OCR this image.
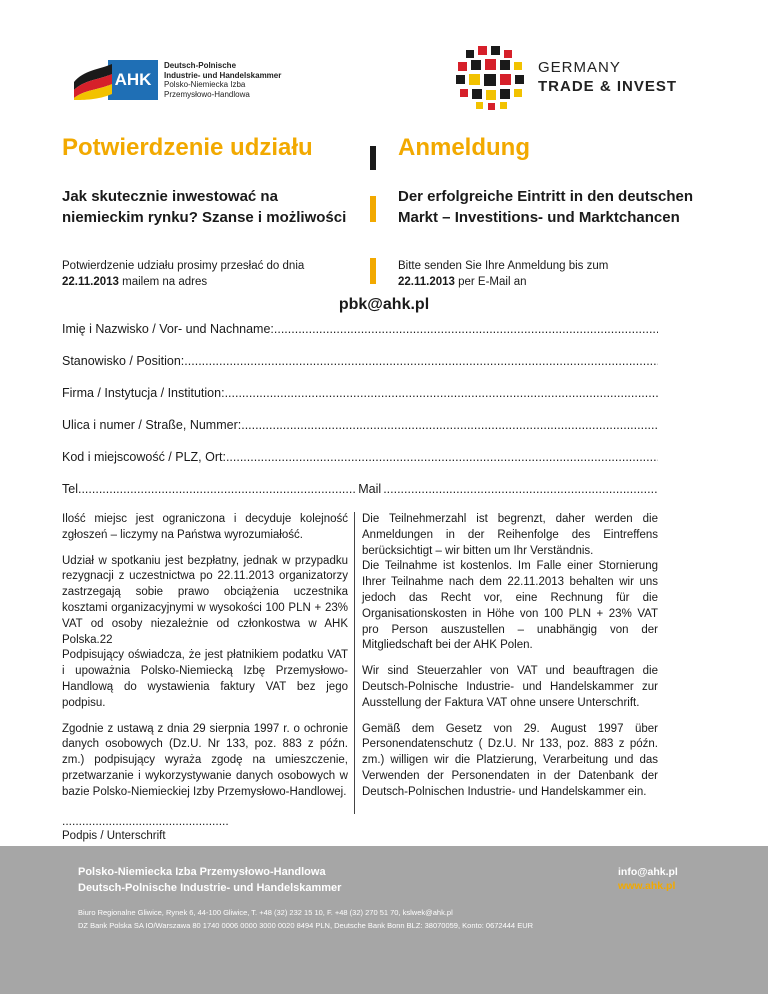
AHK
Deutsch-Polnische
Industrie- und Handelskammer
Polsko-Niemiecka Izba
Przemysłowo-Handlowa
GERMANY
TRADE & INVEST
Potwierdzenie udziału	Anmeldung
Jak skutecznie inwestować na niemieckim rynku? Szanse i możliwości
Der erfolgreiche Eintritt in den deutschen Markt – Investitions- und Marktchancen
Potwierdzenie udziału prosimy przesłać do dnia
22.11.2013 mailem na adres
Bitte senden Sie Ihre Anmeldung bis zum
22.11.2013 per E-Mail an
pbk@ahk.pl
Imię i Nazwisko / Vor- und Nachname:
.....
Stanowisko / Position:
.....
Firma / Instytucja / Institution:
.....
Ulica i numer / Straße, Nummer:
.....
Kod i miejscowość / PLZ, Ort:
.....
Tel.
.....	Mail
.....

Ilość miejsc jest ograniczona i decyduje kolejność zgłoszeń – liczymy na Państwa wyrozumiałość.

Udział w spotkaniu jest bezpłatny, jednak w przypadku rezygnacji z uczestnictwa po 22.11.2013 organizatorzy zastrzegają sobie prawo obciążenia uczestnika kosztami organizacyjnymi w wysokości 100 PLN + 23% VAT od osoby niezależnie od członkostwa w AHK Polska.22

Podpisujący oświadcza, że jest płatnikiem podatku VAT i upoważnia Polsko-Niemiecką Izbę Przemysłowo-Handlową do wystawienia faktury VAT bez jego podpisu.

Zgodnie z ustawą z dnia 29 sierpnia 1997 r. o ochronie danych osobowych (Dz.U. Nr 133, poz. 883 z późn. zm.) podpisujący wyraża zgodę na umieszczenie, przetwarzanie i wykorzystywanie danych osobowych w bazie Polsko-Niemieckiej Izby Przemysłowo-Handlowej.

Die Teilnehmerzahl ist begrenzt, daher werden die Anmeldungen in der Reihenfolge des Eintreffens berücksichtigt – wir bitten um Ihr Verständnis.

Die Teilnahme ist kostenlos. Im Falle einer Stornierung Ihrer Teilnahme nach dem 22.11.2013 behalten wir uns jedoch das Recht vor, eine Rechnung für die Organisationskosten in Höhe von 100 PLN + 23% VAT pro Person auszustellen – unabhängig von der Mitgliedschaft bei der AHK Polen.

Wir sind Steuerzahler von VAT und beauftragen die Deutsch-Polnische Industrie- und Handelskammer zur Ausstellung der Faktura VAT ohne unsere Unterschrift.

Gemäß dem Gesetz von 29. August 1997 über Personendatenschutz ( Dz.U. Nr 133, poz. 883 z późn. zm.) willigen wir die Platzierung, Verarbeitung und das Verwenden der Personendaten in der Datenbank der Deutsch-Polnischen Industrie- und Handelskammer ein.

..................................................
Podpis / Unterschrift
Polsko-Niemiecka Izba Przemysłowo-Handlowa
Deutsch-Polnische Industrie- und Handelskammer
info@ahk.pl
www.ahk.pl
Biuro Regionalne Gliwice, Rynek 6, 44-100 Gliwice, T. +48 (32) 232 15 10, F. +48 (32) 270 51 70, kslwek@ahk.pl
DZ Bank Polska SA IO/Warszawa 80 1740 0006 0000 3000 0020 8494 PLN, Deutsche Bank Bonn BLZ: 38070059, Konto: 0672444 EUR
